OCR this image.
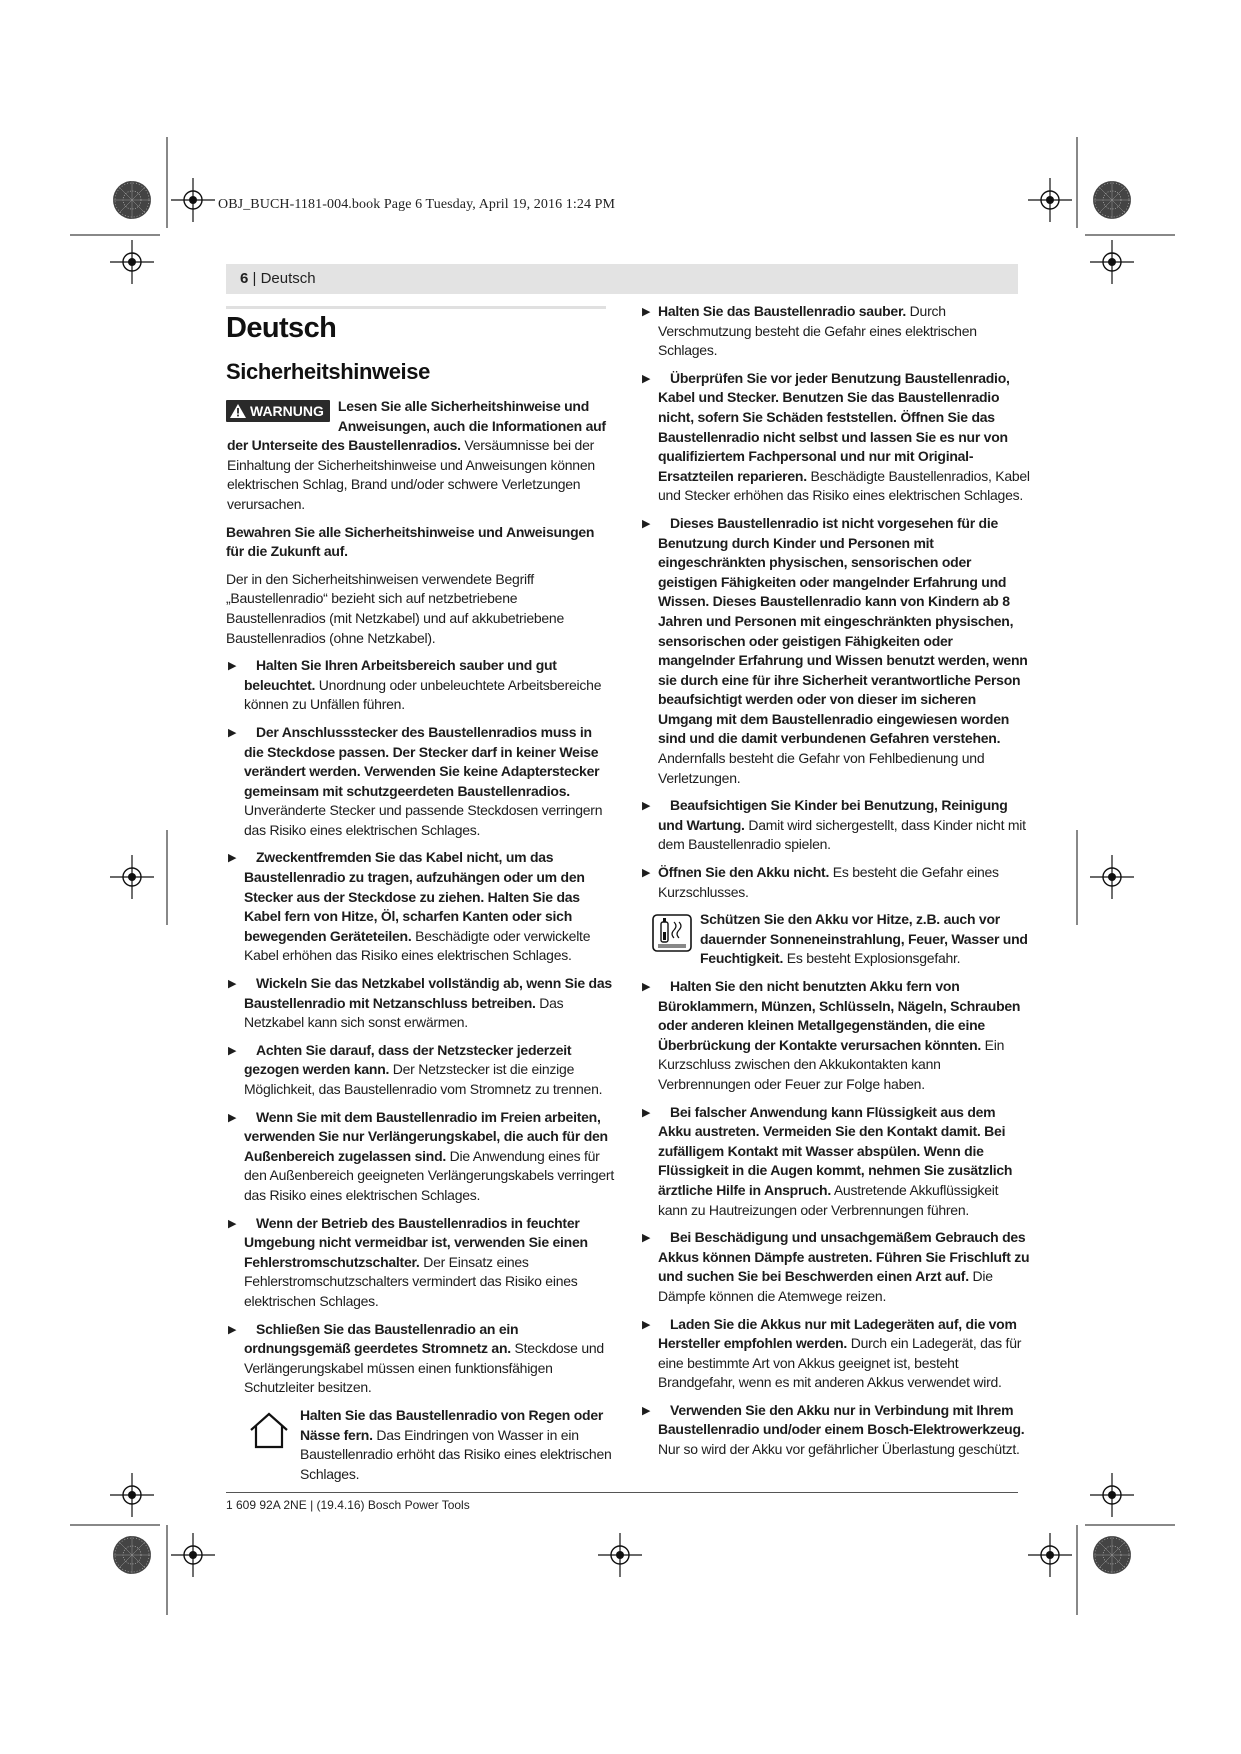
OBJ_BUCH-1181-004.book Page 6 Tuesday, April 19, 2016 1:24 PM
6 | Deutsch
Deutsch
Sicherheitshinweise
WARNUNG	Lesen Sie alle Sicherheitshinweise und Anweisungen, auch die Informationen auf der Unterseite des Baustellenradios. Versäumnisse bei der Einhaltung der Sicherheitshinweise und Anweisungen können elektrischen Schlag, Brand und/oder schwere Verletzungen verursachen.

Bewahren Sie alle Sicherheitshinweise und Anweisungen für die Zukunft auf.

Der in den Sicherheitshinweisen verwendete Begriff „Baustellenradio“ bezieht sich auf netzbetriebene Baustellenradios (mit Netzkabel) und auf akkubetriebene Baustellenradios (ohne Netzkabel).

▶ Halten Sie Ihren Arbeitsbereich sauber und gut beleuchtet. Unordnung oder unbeleuchtete Arbeitsbereiche können zu Unfällen führen.

▶ Der Anschlussstecker des Baustellenradios muss in die Steckdose passen. Der Stecker darf in keiner Weise verändert werden. Verwenden Sie keine Adapterstecker gemeinsam mit schutzgeerdeten Baustellenradios. Unveränderte Stecker und passende Steckdosen verringern das Risiko eines elektrischen Schlages.

▶ Zweckentfremden Sie das Kabel nicht, um das Baustellenradio zu tragen, aufzuhängen oder um den Stecker aus der Steckdose zu ziehen. Halten Sie das Kabel fern von Hitze, Öl, scharfen Kanten oder sich bewegenden Geräteteilen. Beschädigte oder verwickelte Kabel erhöhen das Risiko eines elektrischen Schlages.

▶ Wickeln Sie das Netzkabel vollständig ab, wenn Sie das Baustellenradio mit Netzanschluss betreiben. Das Netzkabel kann sich sonst erwärmen.

▶ Achten Sie darauf, dass der Netzstecker jederzeit gezogen werden kann. Der Netzstecker ist die einzige Möglichkeit, das Baustellenradio vom Stromnetz zu trennen.

▶ Wenn Sie mit dem Baustellenradio im Freien arbeiten, verwenden Sie nur Verlängerungskabel, die auch für den Außenbereich zugelassen sind. Die Anwendung eines für den Außenbereich geeigneten Verlängerungskabels verringert das Risiko eines elektrischen Schlages.

▶ Wenn der Betrieb des Baustellenradios in feuchter Umgebung nicht vermeidbar ist, verwenden Sie einen Fehlerstromschutzschalter. Der Einsatz eines Fehlerstromschutzschalters vermindert das Risiko eines elektrischen Schlages.

▶ Schließen Sie das Baustellenradio an ein ordnungsgemäß geerdetes Stromnetz an. Steckdose und Verlängerungskabel müssen einen funktionsfähigen Schutzleiter besitzen.

Halten Sie das Baustellenradio von Regen oder Nässe fern. Das Eindringen von Wasser in ein Baustellenradio erhöht das Risiko eines elektrischen Schlages.

▶ Halten Sie das Baustellenradio sauber. Durch Verschmutzung besteht die Gefahr eines elektrischen Schlages.

▶ Überprüfen Sie vor jeder Benutzung Baustellenradio, Kabel und Stecker. Benutzen Sie das Baustellenradio nicht, sofern Sie Schäden feststellen. Öffnen Sie das Baustellenradio nicht selbst und lassen Sie es nur von qualifiziertem Fachpersonal und nur mit Original-Ersatzteilen reparieren. Beschädigte Baustellenradios, Kabel und Stecker erhöhen das Risiko eines elektrischen Schlages.

▶ Dieses Baustellenradio ist nicht vorgesehen für die Benutzung durch Kinder und Personen mit eingeschränkten physischen, sensorischen oder geistigen Fähigkeiten oder mangelnder Erfahrung und Wissen. Dieses Baustellenradio kann von Kindern ab 8 Jahren und Personen mit eingeschränkten physischen, sensorischen oder geistigen Fähigkeiten oder mangelnder Erfahrung und Wissen benutzt werden, wenn sie durch eine für ihre Sicherheit verantwortliche Person beaufsichtigt werden oder von dieser im sicheren Umgang mit dem Baustellenradio eingewiesen worden sind und die damit verbundenen Gefahren verstehen. Andernfalls besteht die Gefahr von Fehlbedienung und Verletzungen.

▶ Beaufsichtigen Sie Kinder bei Benutzung, Reinigung und Wartung. Damit wird sichergestellt, dass Kinder nicht mit dem Baustellenradio spielen.

▶ Öffnen Sie den Akku nicht. Es besteht die Gefahr eines Kurzschlusses.

Schützen Sie den Akku vor Hitze, z.B. auch vor dauernder Sonneneinstrahlung, Feuer, Wasser und Feuchtigkeit. Es besteht Explosionsgefahr.

▶ Halten Sie den nicht benutzten Akku fern von Büroklammern, Münzen, Schlüsseln, Nägeln, Schrauben oder anderen kleinen Metallgegenständen, die eine Überbrückung der Kontakte verursachen könnten. Ein Kurzschluss zwischen den Akkukontakten kann Verbrennungen oder Feuer zur Folge haben.

▶ Bei falscher Anwendung kann Flüssigkeit aus dem Akku austreten. Vermeiden Sie den Kontakt damit. Bei zufälligem Kontakt mit Wasser abspülen. Wenn die Flüssigkeit in die Augen kommt, nehmen Sie zusätzlich ärztliche Hilfe in Anspruch. Austretende Akkuflüssigkeit kann zu Hautreizungen oder Verbrennungen führen.

▶ Bei Beschädigung und unsachgemäßem Gebrauch des Akkus können Dämpfe austreten. Führen Sie Frischluft zu und suchen Sie bei Beschwerden einen Arzt auf. Die Dämpfe können die Atemwege reizen.

▶ Laden Sie die Akkus nur mit Ladegeräten auf, die vom Hersteller empfohlen werden. Durch ein Ladegerät, das für eine bestimmte Art von Akkus geeignet ist, besteht Brandgefahr, wenn es mit anderen Akkus verwendet wird.

▶ Verwenden Sie den Akku nur in Verbindung mit Ihrem Baustellenradio und/oder einem Bosch-Elektrowerkzeug. Nur so wird der Akku vor gefährlicher Überlastung geschützt.

1 609 92A 2NE | (19.4.16) Bosch Power Tools
